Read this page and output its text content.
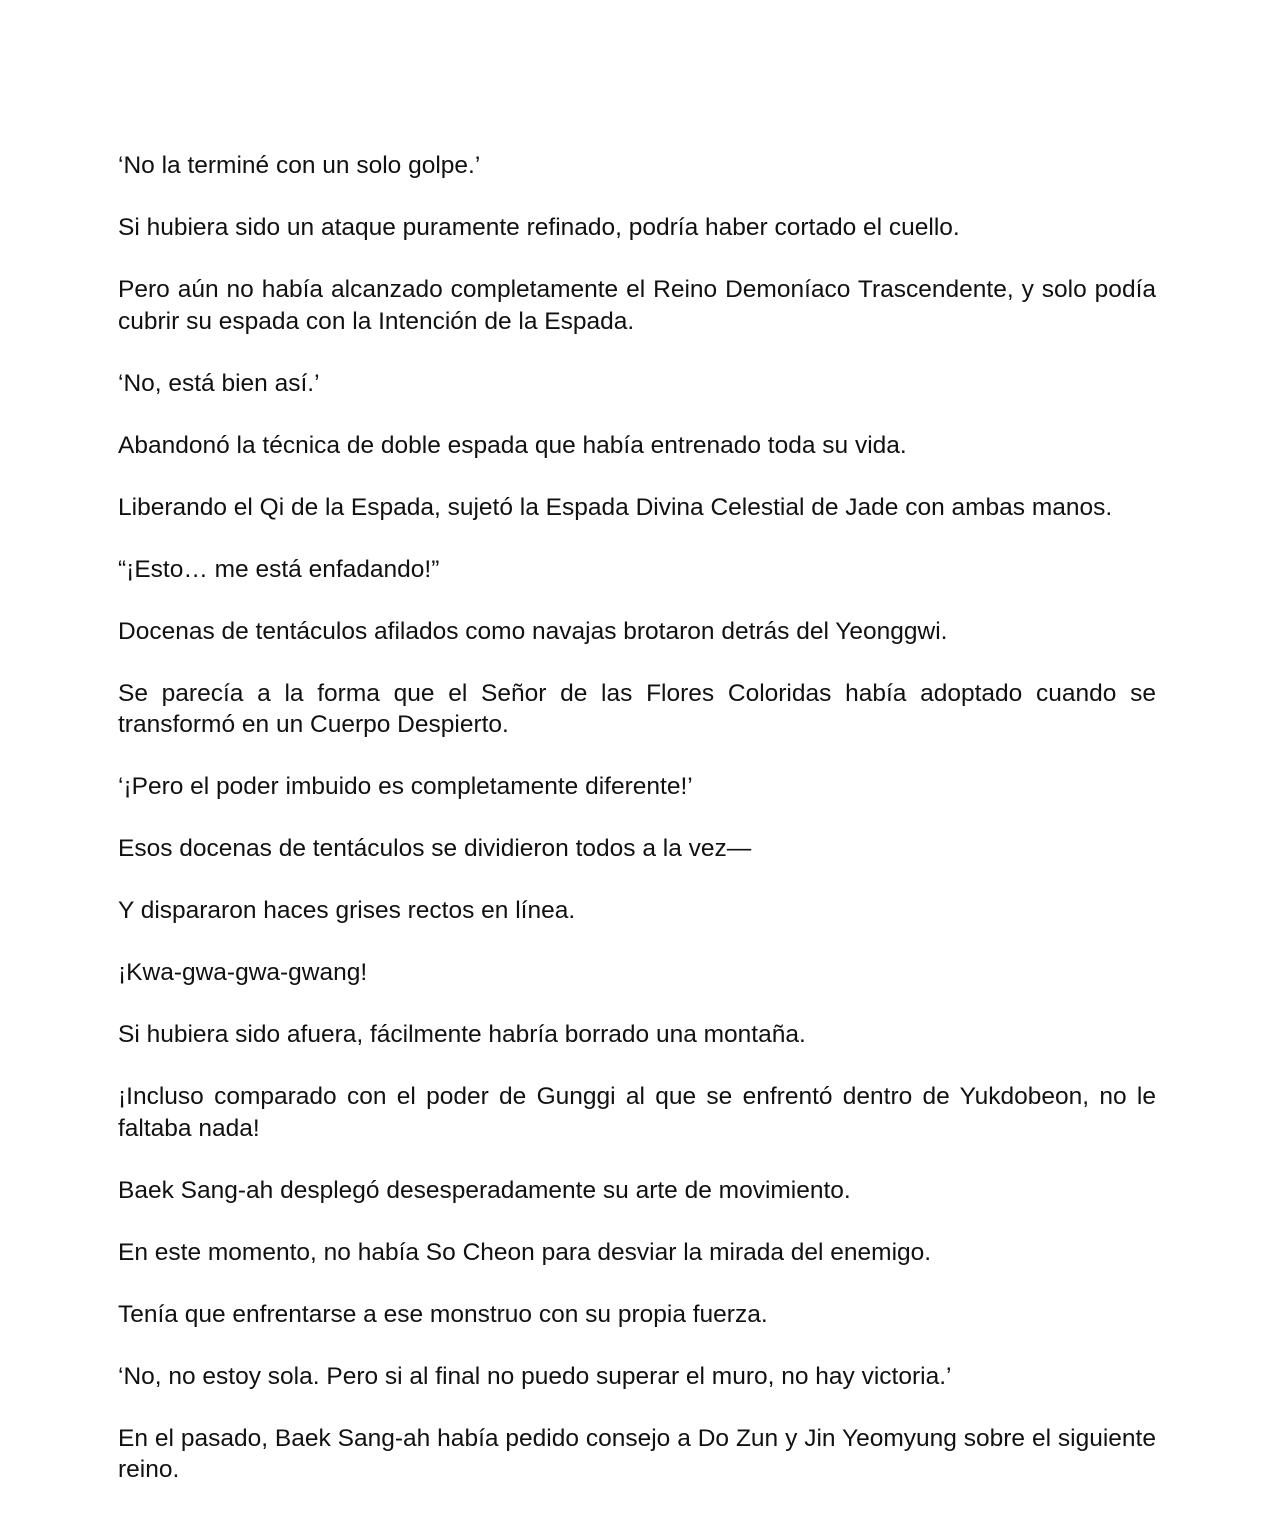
‘No la terminé con un solo golpe.’

Si hubiera sido un ataque puramente refinado, podría haber cortado el cuello.

Pero aún no había alcanzado completamente el Reino Demoníaco Trascendente, y solo podía cubrir su espada con la Intención de la Espada.

‘No, está bien así.’

Abandonó la técnica de doble espada que había entrenado toda su vida.

Liberando el Qi de la Espada, sujetó la Espada Divina Celestial de Jade con ambas manos.

“¡Esto… me está enfadando!”

Docenas de tentáculos afilados como navajas brotaron detrás del Yeonggwi.

Se parecía a la forma que el Señor de las Flores Coloridas había adoptado cuando se transformó en un Cuerpo Despierto.

‘¡Pero el poder imbuido es completamente diferente!’

Esos docenas de tentáculos se dividieron todos a la vez—

Y dispararon haces grises rectos en línea.

¡Kwa-gwa-gwa-gwang!

Si hubiera sido afuera, fácilmente habría borrado una montaña.

¡Incluso comparado con el poder de Gunggi al que se enfrentó dentro de Yukdobeon, no le faltaba nada!

Baek Sang-ah desplegó desesperadamente su arte de movimiento.

En este momento, no había So Cheon para desviar la mirada del enemigo.

Tenía que enfrentarse a ese monstruo con su propia fuerza.

‘No, no estoy sola. Pero si al final no puedo superar el muro, no hay victoria.’

En el pasado, Baek Sang-ah había pedido consejo a Do Zun y Jin Yeomyung sobre el siguiente reino.
